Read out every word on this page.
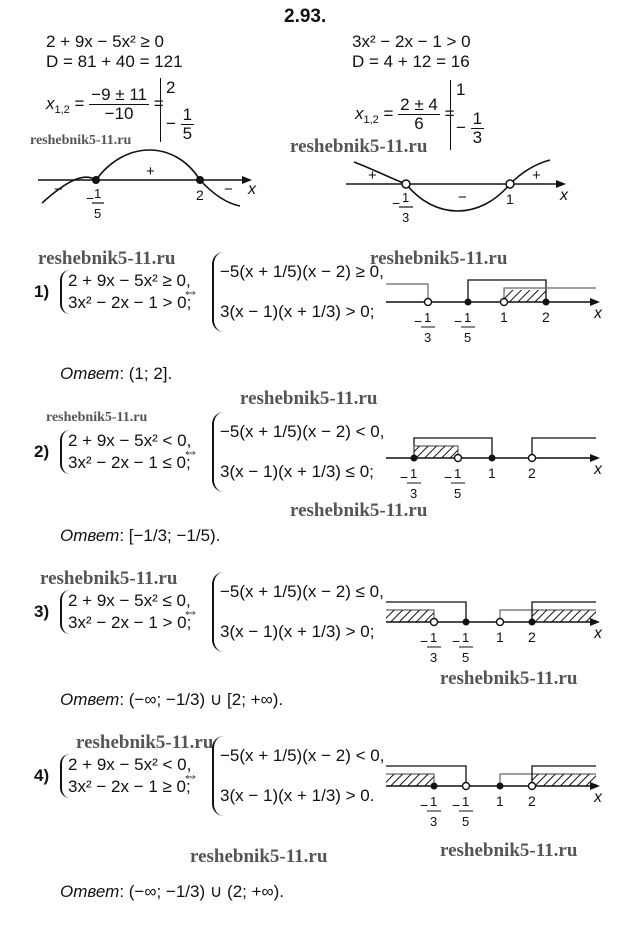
2.93.
2 + 9x − 5x² ≥ 0
D = 81 + 40 = 121
$x_{1,2} = \frac{-9 \pm 11}{-10}$ =
2
− $\frac{1}{5}$
reshebnik5-11.ru
x
−
+
−
− 1
5
2
3x² − 2x − 1 > 0
D = 4 + 12 = 16
$x_{1,2} = \frac{2 \pm 4}{6}$ =
1
− $\frac{1}{3}$
reshebnik5-11.ru
x
+
−
+
− 1
3
1
reshebnik5-11.ru	reshebnik5-11.ru
1)
2 + 9x − 5x² ≥ 0,
3x² − 2x − 1 > 0;
⇔
−5(x + 1/5)(x − 2) ≥ 0,
3(x − 1)(x + 1/3) > 0;	x
− 1
3
− 1
5
1 2
Ответ: (1; 2].
reshebnik5-11.ru
reshebnik5-11.ru
2)
2 + 9x − 5x² < 0,
3x² − 2x − 1 ≤ 0;
⇔
−5(x + 1/5)(x − 2) < 0,
3(x − 1)(x + 1/3) ≤ 0;
reshebnik5-11.ru
x
− 1
3
− 1
5
1 2
Ответ: [−1/3; −1/5).
reshebnik5-11.ru
3)
2 + 9x − 5x² ≤ 0,
3x² − 2x − 1 > 0;
⇔
−5(x + 1/5)(x − 2) ≤ 0,
3(x − 1)(x + 1/3) > 0;	x
− 1
3
− 1
5
1 2
reshebnik5-11.ru
Ответ: (−∞; −1/3) ∪ [2; +∞).
reshebnik5-11.ru
4)
2 + 9x − 5x² < 0,
3x² − 2x − 1 ≥ 0;
⇔
−5(x + 1/5)(x − 2) < 0,
3(x − 1)(x + 1/3) > 0.	x
− 1
3
− 1
5
1 2
reshebnik5-11.ru	reshebnik5-11.ru
Ответ: (−∞; −1/3) ∪ (2; +∞).
